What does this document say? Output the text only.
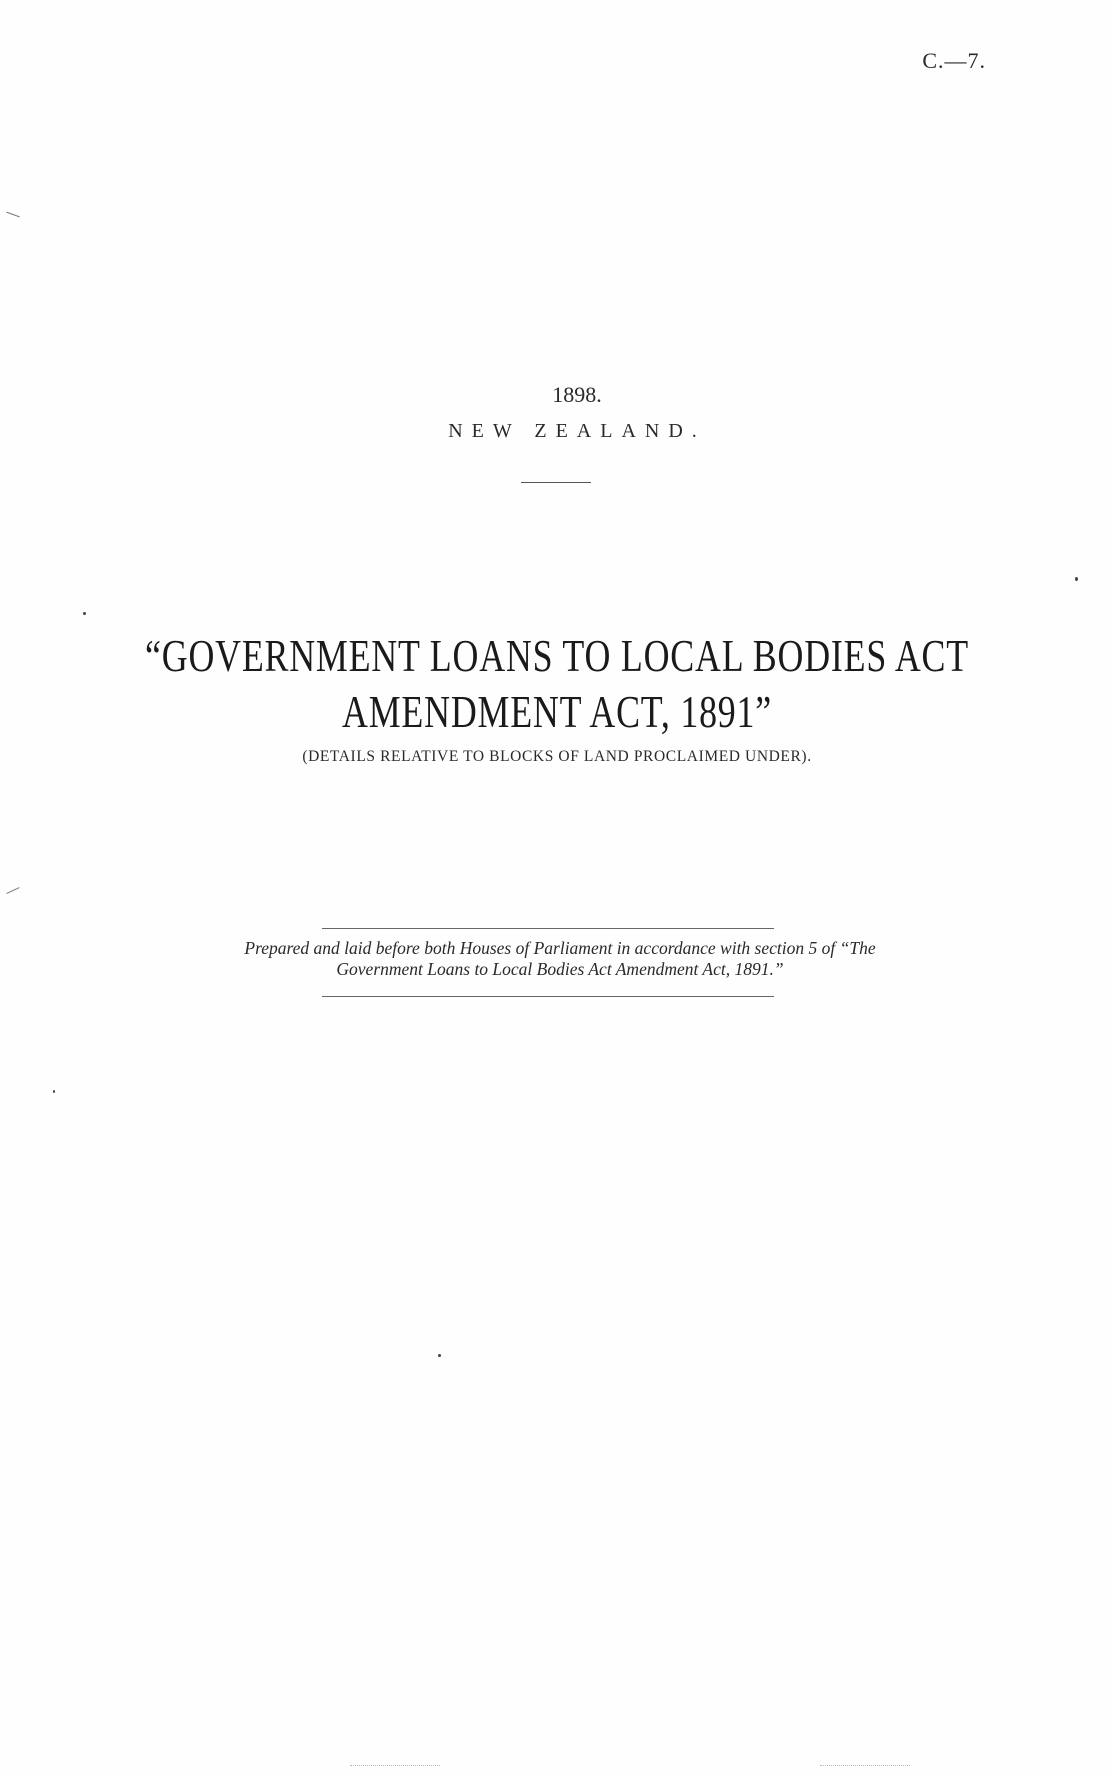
C.—7.
1898.
NEW ZEALAND.
“GOVERNMENT LOANS TO LOCAL BODIES ACT
AMENDMENT ACT, 1891”
(DETAILS RELATIVE TO BLOCKS OF LAND PROCLAIMED UNDER).
Prepared and laid before both Houses of Parliament in accordance with section 5 of “The
Government Loans to Local Bodies Act Amendment Act, 1891.”
